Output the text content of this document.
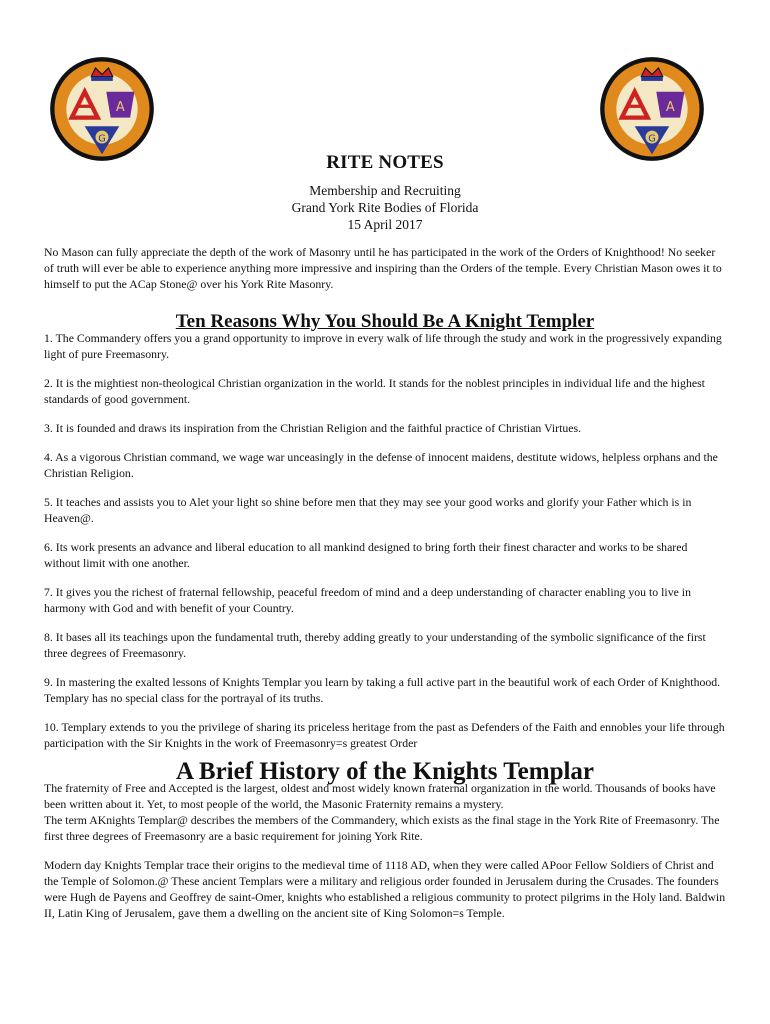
A
G
A
G

RITE NOTES

Membership and Recruiting

Grand York Rite Bodies of Florida

15 April 2017

No Mason can fully appreciate the depth of the work of Masonry until he has participated in the work of the Orders of Knighthood! No seeker of truth will ever be able to experience anything more impressive and inspiring than the Orders of the temple. Every Christian Mason owes it to himself to put the ACap Stone@ over his York Rite Masonry.

Ten Reasons Why You Should Be A Knight Templer

1. The Commandery offers you a grand opportunity to improve in every walk of life through the study and work in the progressively expanding light of pure Freemasonry.

2. It is the mightiest non-theological Christian organization in the world. It stands for the noblest principles in individual life and the highest standards of good government.

3. It is founded and draws its inspiration from the Christian Religion and the faithful practice of Christian Virtues.

4. As a vigorous Christian command, we wage war unceasingly in the defense of innocent maidens, destitute widows, helpless orphans and the Christian Religion.

5. It teaches and assists you to Alet your light so shine before men that they may see your good works and glorify your Father which is in Heaven@.

6. Its work presents an advance and liberal education to all mankind designed to bring forth their finest character and works to be shared without limit with one another.

7. It gives you the richest of fraternal fellowship, peaceful freedom of mind and a deep understanding of character enabling you to live in harmony with God and with benefit of your Country.

8. It bases all its teachings upon the fundamental truth, thereby adding greatly to your understanding of the symbolic significance of the first three degrees of Freemasonry.

9. In mastering the exalted lessons of Knights Templar you learn by taking a full active part in the beautiful work of each Order of Knighthood. Templary has no special class for the portrayal of its truths.

10. Templary extends to you the privilege of sharing its priceless heritage from the past as Defenders of the Faith and ennobles your life through participation with the Sir Knights in the work of Freemasonry=s greatest Order

A Brief History of the Knights Templar

The fraternity of Free and Accepted is the largest, oldest and most widely known fraternal organization in the world. Thousands of books have been written about it. Yet, to most people of the world, the Masonic Fraternity remains a mystery.

The term AKnights Templar@ describes the members of the Commandery, which exists as the final stage in the York Rite of Freemasonry. The first three degrees of Freemasonry are a basic requirement for joining York Rite.

Modern day Knights Templar trace their origins to the medieval time of 1118 AD, when they were called APoor Fellow Soldiers of Christ and the Temple of Solomon.@ These ancient Templars were a military and religious order founded in Jerusalem during the Crusades. The founders were Hugh de Payens and Geoffrey de saint-Omer, knights who established a religious community to protect pilgrims in the Holy land. Baldwin II, Latin King of Jerusalem, gave them a dwelling on the ancient site of King Solomon=s Temple.
